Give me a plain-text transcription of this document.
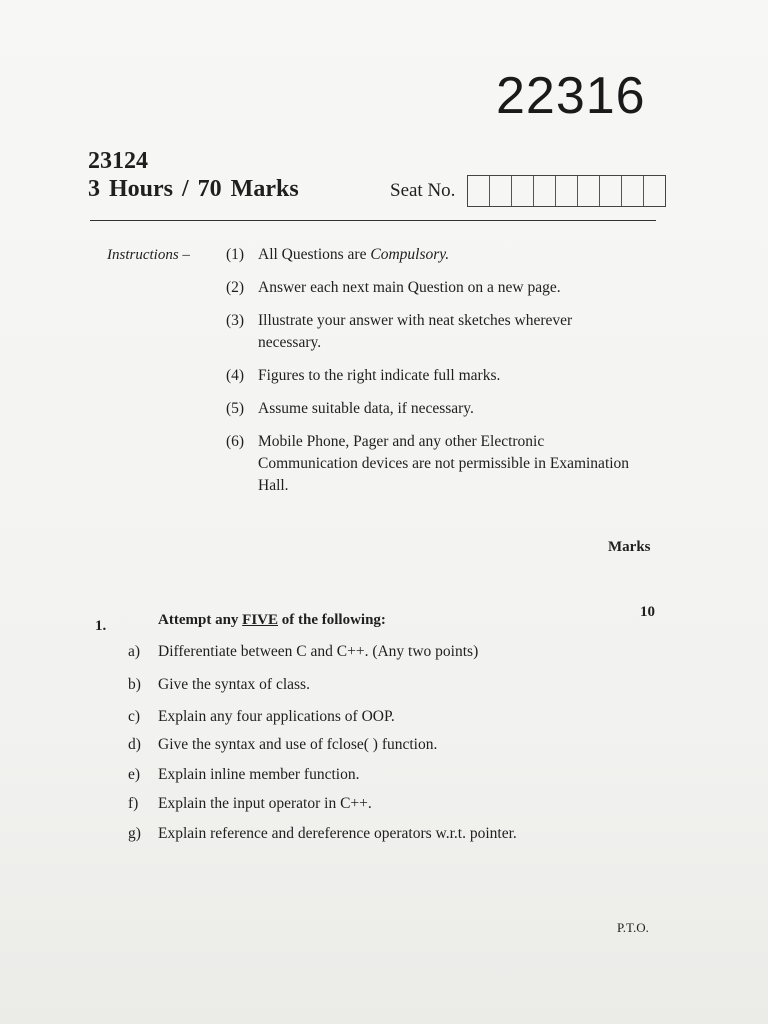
22316
23124
3 Hours / 70 Marks	Seat No.
Instructions – (1) All Questions are Compulsory.
(2) Answer each next main Question on a new page.
(3) Illustrate your answer with neat sketches wherever necessary.
(4) Figures to the right indicate full marks.
(5) Assume suitable data, if necessary.
(6) Mobile Phone, Pager and any other Electronic Communication devices are not permissible in Examination Hall.
Marks
1.	Attempt any FIVE of the following:	10
a)	Differentiate between C and C++. (Any two points)
b)	Give the syntax of class.
c)	Explain any four applications of OOP.
d)	Give the syntax and use of fclose( ) function.
e)	Explain inline member function.
f)	Explain the input operator in C++.
g)	Explain reference and dereference operators w.r.t. pointer.
P.T.O.
